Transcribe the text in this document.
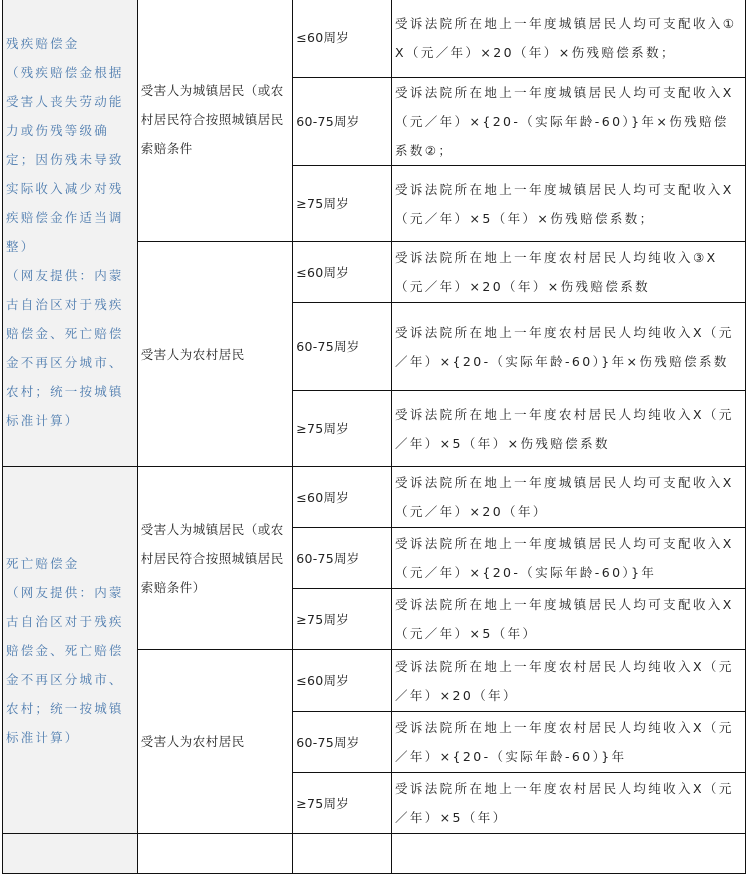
残疾赔偿金

（残疾赔偿金根据受害人丧失劳动能力或伤残等级确定；因伤残未导致实际收入减少对残疾赔偿金作适当调整）
（网友提供：内蒙古自治区对于残疾赔偿金、死亡赔偿金不再区分城市、农村；统一按城镇标准计算）	受害人为城镇居民（或农村居民符合按照城镇居民索赔条件	≤60周岁	受诉法院所在地上一年度城镇居民人均可支配收入①X（元／年）×20（年）×伤残赔偿系数；
		60-75周岁	受诉法院所在地上一年度城镇居民人均可支配收入X（元／年）×{20-（实际年龄-60）}年×伤残赔偿系数②；
		≥75周岁	受诉法院所在地上一年度城镇居民人均可支配收入X（元／年）×5（年）×伤残赔偿系数；
	受害人为农村居民	≤60周岁	受诉法院所在地上一年度农村居民人均纯收入③X（元／年）×20（年）×伤残赔偿系数
		60-75周岁	受诉法院所在地上一年度农村居民人均纯收入X（元／年）×{20-（实际年龄-60）}年×伤残赔偿系数
		≥75周岁	受诉法院所在地上一年度农村居民人均纯收入X（元／年）×5（年）×伤残赔偿系数
死亡赔偿金

（网友提供：内蒙古自治区对于残疾赔偿金、死亡赔偿金不再区分城市、农村；统一按城镇标准计算）	受害人为城镇居民（或农村居民符合按照城镇居民索赔条件）	≤60周岁	受诉法院所在地上一年度城镇居民人均可支配收入X（元／年）×20（年）
		60-75周岁	受诉法院所在地上一年度城镇居民人均可支配收入X（元／年）×{20-（实际年龄-60）}年
		≥75周岁	受诉法院所在地上一年度城镇居民人均可支配收入X（元／年）×5（年）
	受害人为农村居民	≤60周岁	受诉法院所在地上一年度农村居民人均纯收入X（元／年）×20（年）
		60-75周岁	受诉法院所在地上一年度农村居民人均纯收入X（元／年）×{20-（实际年龄-60）}年
		≥75周岁	受诉法院所在地上一年度农村居民人均纯收入X（元／年）×5（年）
